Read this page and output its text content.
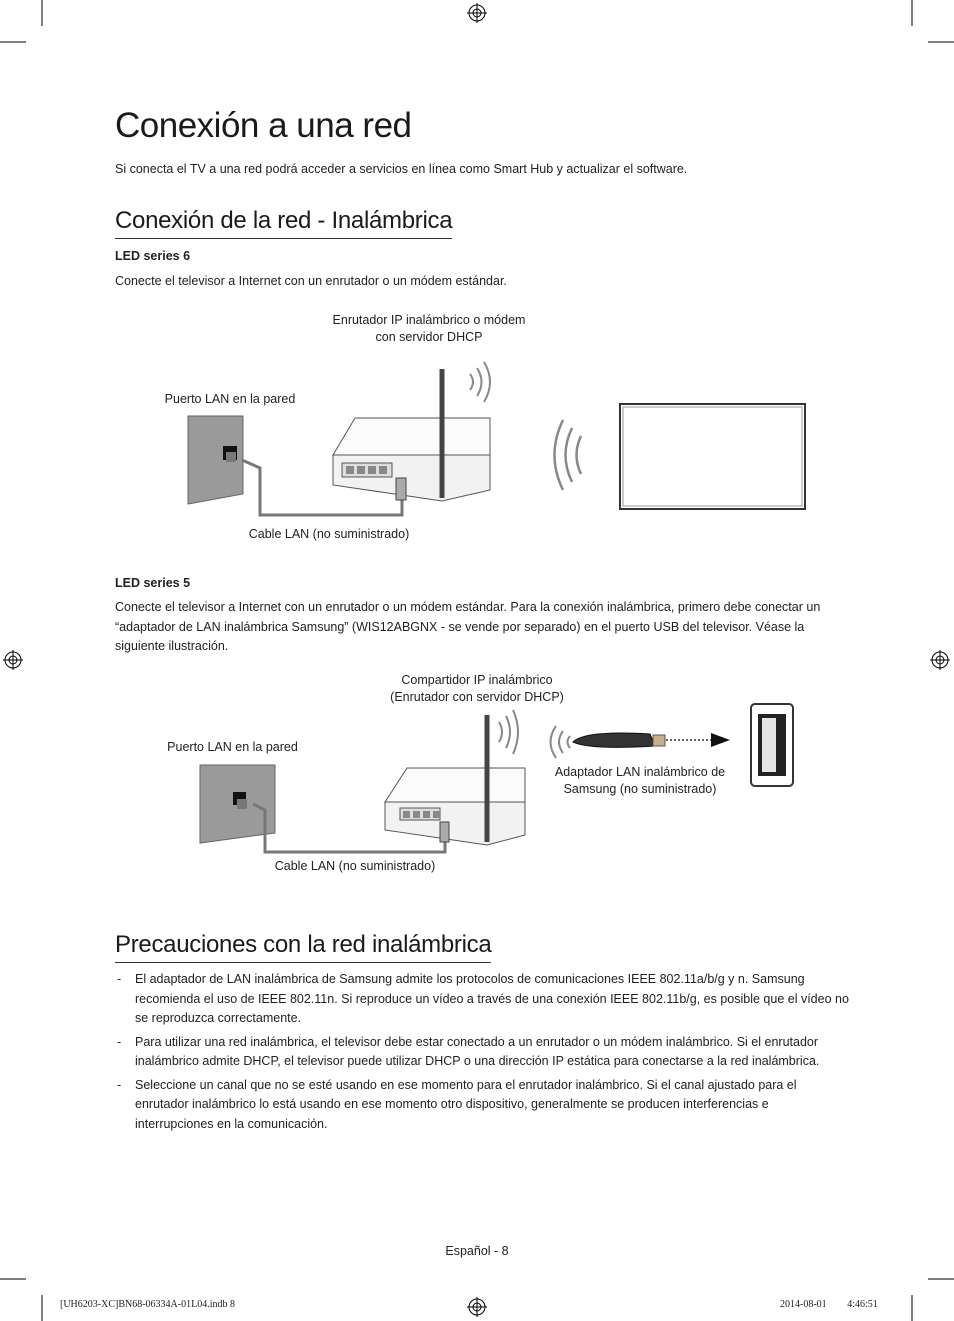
Conexión a una red
Si conecta el TV a una red podrá acceder a servicios en línea como Smart Hub y actualizar el software.
Conexión de la red - Inalámbrica
LED series 6
Conecte el televisor a Internet con un enrutador o un módem estándar.
Enrutador IP inalámbrico o módem
con servidor DHCP
Puerto LAN en la pared
Cable LAN (no suministrado)
LED series 5
Conecte el televisor a Internet con un enrutador o un módem estándar. Para la conexión inalámbrica, primero debe conectar un “adaptador de LAN inalámbrica Samsung” (WIS12ABGNX - se vende por separado) en el puerto USB del televisor. Véase la siguiente ilustración.
Compartidor IP inalámbrico
(Enrutador con servidor DHCP)
Puerto LAN en la pared
Cable LAN (no suministrado)
Adaptador LAN inalámbrico de
Samsung (no suministrado)
Precauciones con la red inalámbrica
- El adaptador de LAN inalámbrica de Samsung admite los protocolos de comunicaciones IEEE 802.11a/b/g y n. Samsung recomienda el uso de IEEE 802.11n. Si reproduce un vídeo a través de una conexión IEEE 802.11b/g, es posible que el vídeo no se reproduzca correctamente.
- Para utilizar una red inalámbrica, el televisor debe estar conectado a un enrutador o un módem inalámbrico. Si el enrutador inalámbrico admite DHCP, el televisor puede utilizar DHCP o una dirección IP estática para conectarse a la red inalámbrica.
- Seleccione un canal que no se esté usando en ese momento para el enrutador inalámbrico. Si el canal ajustado para el enrutador inalámbrico lo está usando en ese momento otro dispositivo, generalmente se producen interferencias e interrupciones en la comunicación.
Español - 8
[UH6203-XC]BN68-06334A-01L04.indb 8	2014-08-01 ￿￿ 4:46:51
